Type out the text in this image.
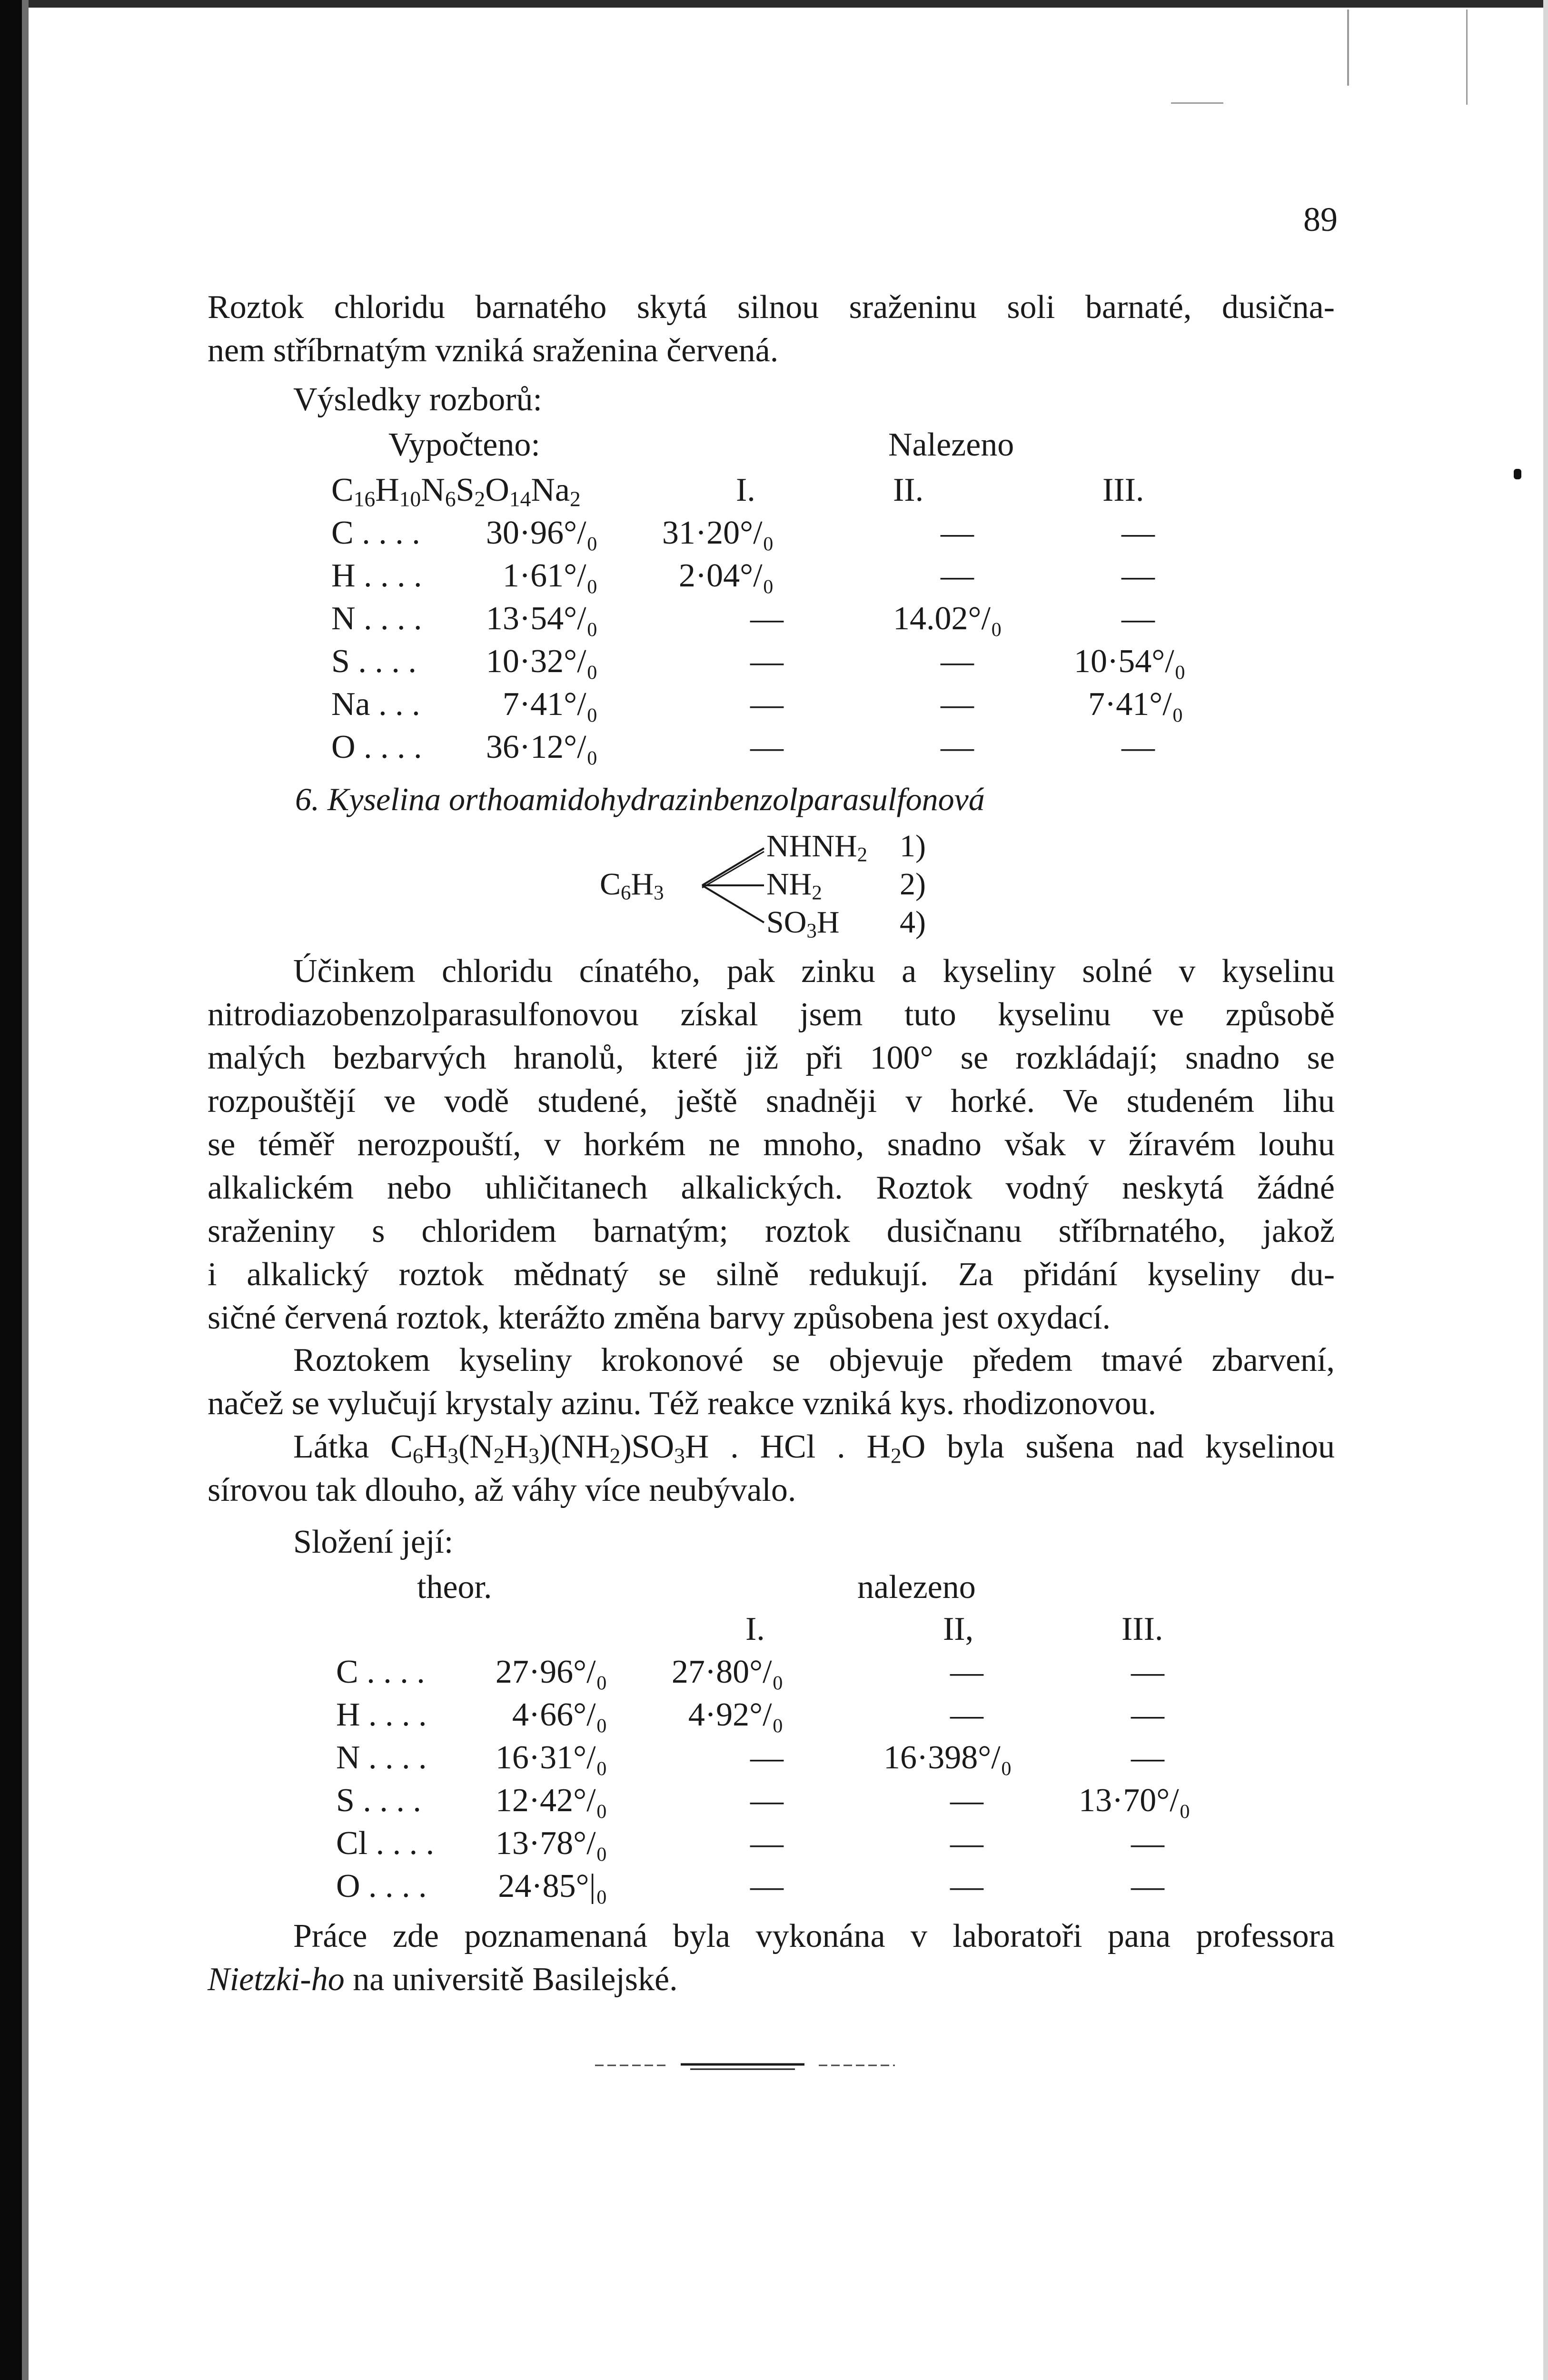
89

Roztok chloridu barnatého skytá silnou sraženinu soli barnaté, dusična-
nem stříbrnatým vzniká sraženina červená.

Výsledky rozborů:

Vypočteno:	Nalezeno
$C_{16}H_{10}N_6S_2O_{14}Na_2$	I.	II.	III.
C . . . .	30·96°/₀	31·20°/₀	—	—
H . . . .	1·61°/₀	2·04°/₀	—	—
N . . . .	13·54°/₀	—	14.02°/₀	—
S . . . .	10·32°/₀	—	—	10·54°/₀
Na . . .	7·41°/₀	—	—	7·41°/₀
O . . . .	36·12°/₀	—	—	—
6. Kyselina orthoamidohydrazinbenzolparasulfonová
$C_6H_3$
$NHNH_2$
$NH_2$
$SO_3H$
1)
2)
4)

Účinkem chloridu cínatého, pak zinku a kyseliny solné v kyselinu
nitrodiazobenzolparasulfonovou získal jsem tuto kyselinu ve způsobě
malých bezbarvých hranolů, které již při 100° se rozkládají; snadno se
rozpouštějí ve vodě studené, ještě snadněji v horké. Ve studeném lihu
se téměř nerozpouští, v horkém ne mnoho, snadno však v žíravém louhu
alkalickém nebo uhličitanech alkalických. Roztok vodný neskytá žádné
sraženiny s chloridem barnatým; roztok dusičnanu stříbrnatého, jakož
i alkalický roztok mědnatý se silně redukují. Za přidání kyseliny du-
sičné červená roztok, kterážto změna barvy způsobena jest oxydací.

Roztokem kyseliny krokonové se objevuje předem tmavé zbarvení,
načež se vylučují krystaly azinu. Též reakce vzniká kys. rhodizonovou.

Látka $C_6H_3(N_2H_3)(NH_2)SO_3H$ . HCl . $H_2O$ byla sušena nad kyselinou
sírovou tak dlouho, až váhy více neubývalo.

Složení její:

theor.	nalezeno
I.	II,	III.
C . . . .	27·96°/₀	27·80°/₀	—	—
H . . . .	4·66°/₀	4·92°/₀	—	—
N . . . .	16·31°/₀	—	16·398°/₀	—
S . . . .	12·42°/₀	—	—	13·70°/₀
Cl . . . .	13·78°/₀	—	—	—
O . . . .	24·85°|₀	—	—	—

Práce zde poznamenaná byla vykonána v laboratoři pana professora
Nietzki-ho na universitě Basilejské.
